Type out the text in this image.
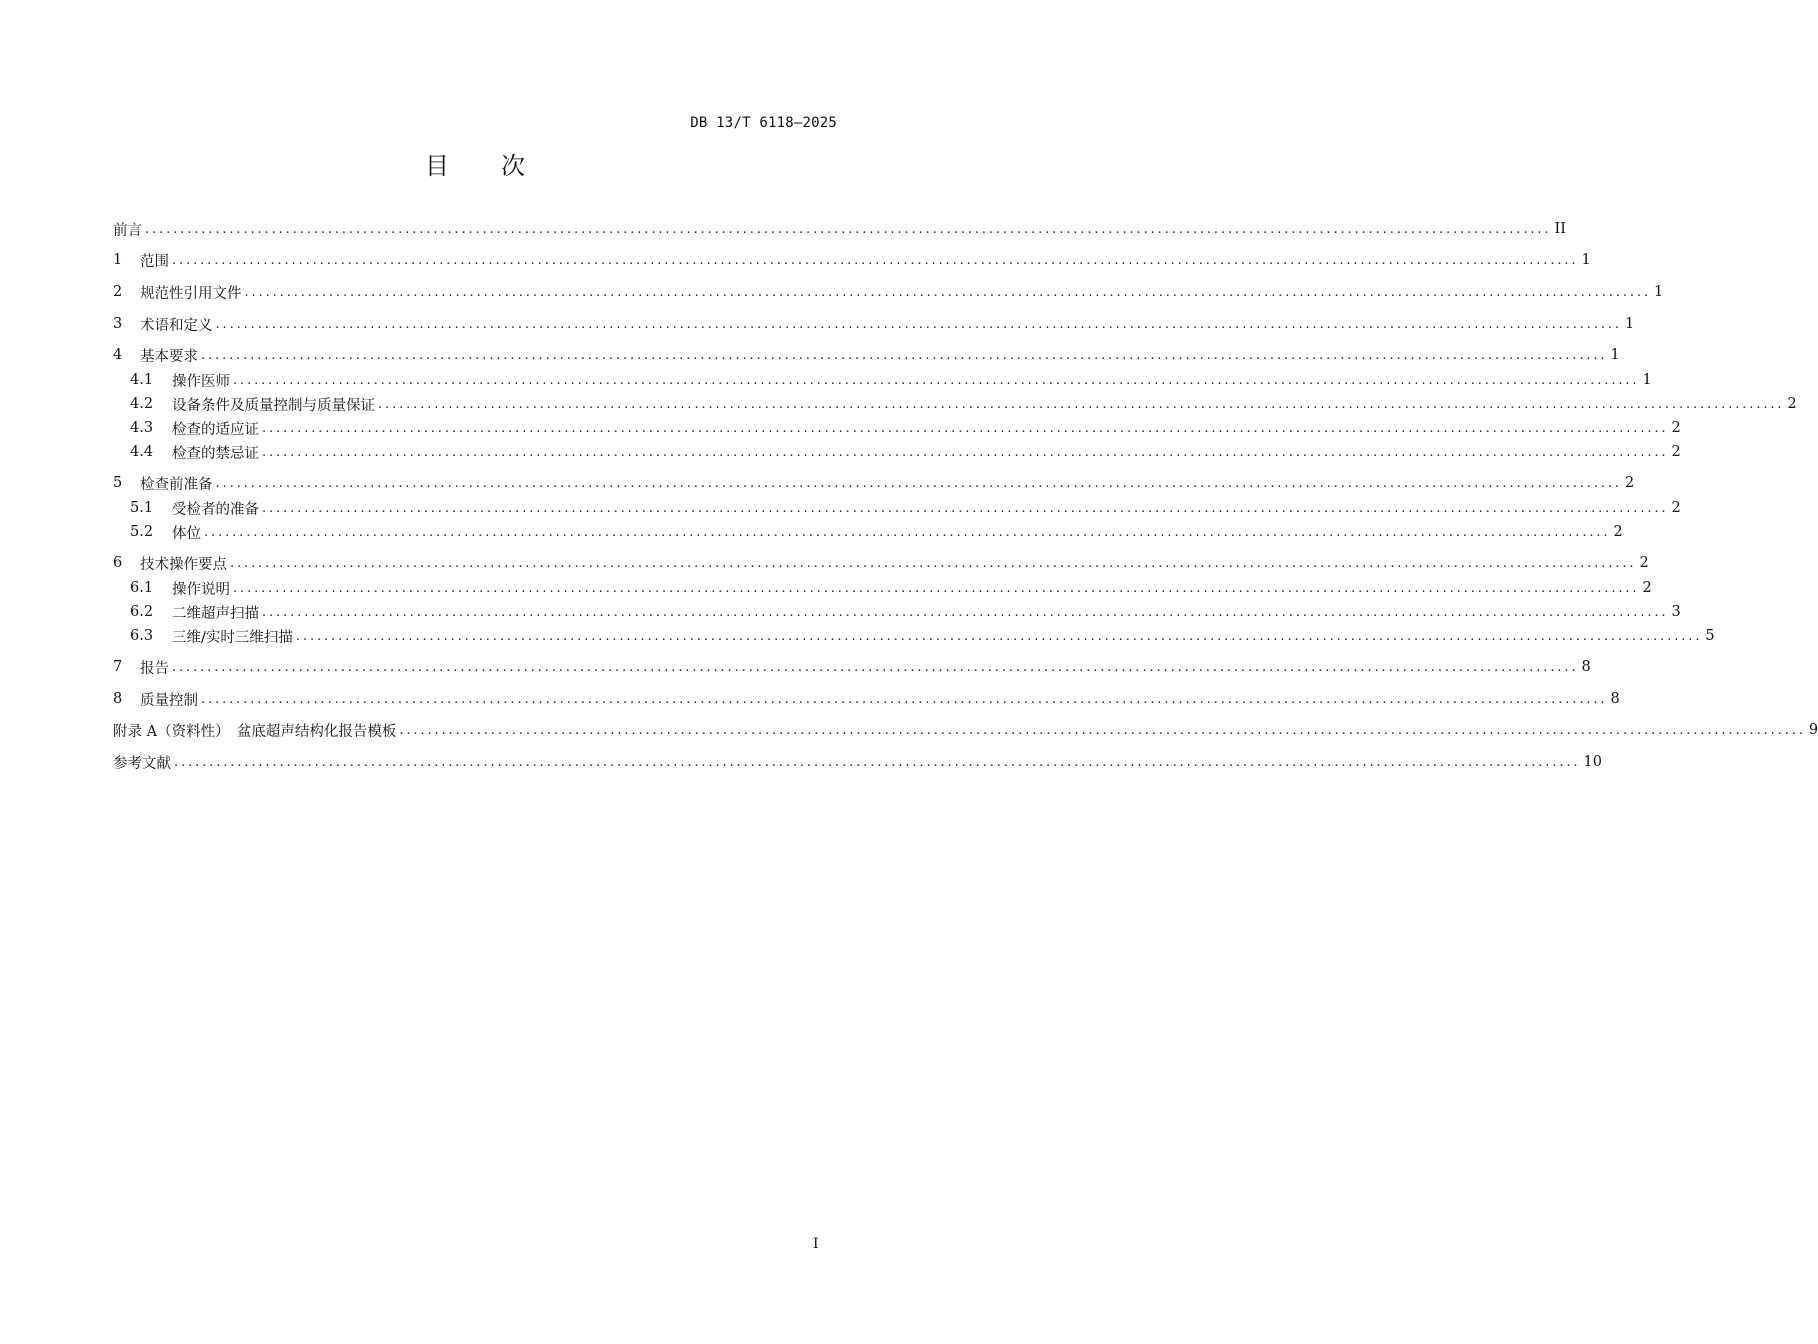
DB 13/T 6118—2025
目次
前言 ........................................................................................................................................................................................................ II
1	范围 ........................................................................................................................................................................................................ 1
2	规范性引用文件 ........................................................................................................................................................................................................ 1
3	术语和定义 ........................................................................................................................................................................................................ 1
4	基本要求 ........................................................................................................................................................................................................ 1
4.1	操作医师 ........................................................................................................................................................................................................ 1
4.2	设备条件及质量控制与质量保证 ........................................................................................................................................................................................................ 2
4.3	检查的适应证 ........................................................................................................................................................................................................ 2
4.4	检查的禁忌证 ........................................................................................................................................................................................................ 2
5	检查前准备 ........................................................................................................................................................................................................ 2
5.1	受检者的准备 ........................................................................................................................................................................................................ 2
5.2	体位 ........................................................................................................................................................................................................ 2
6	技术操作要点 ........................................................................................................................................................................................................ 2
6.1	操作说明 ........................................................................................................................................................................................................ 2
6.2	二维超声扫描 ........................................................................................................................................................................................................ 3
6.3	三维/实时三维扫描 ........................................................................................................................................................................................................ 5
7	报告 ........................................................................................................................................................................................................ 8
8	质量控制 ........................................................................................................................................................................................................ 8
附录 A（资料性）　盆底超声结构化报告模板 ........................................................................................................................................................................................................ 9
参考文献 ........................................................................................................................................................................................................ 10
I
